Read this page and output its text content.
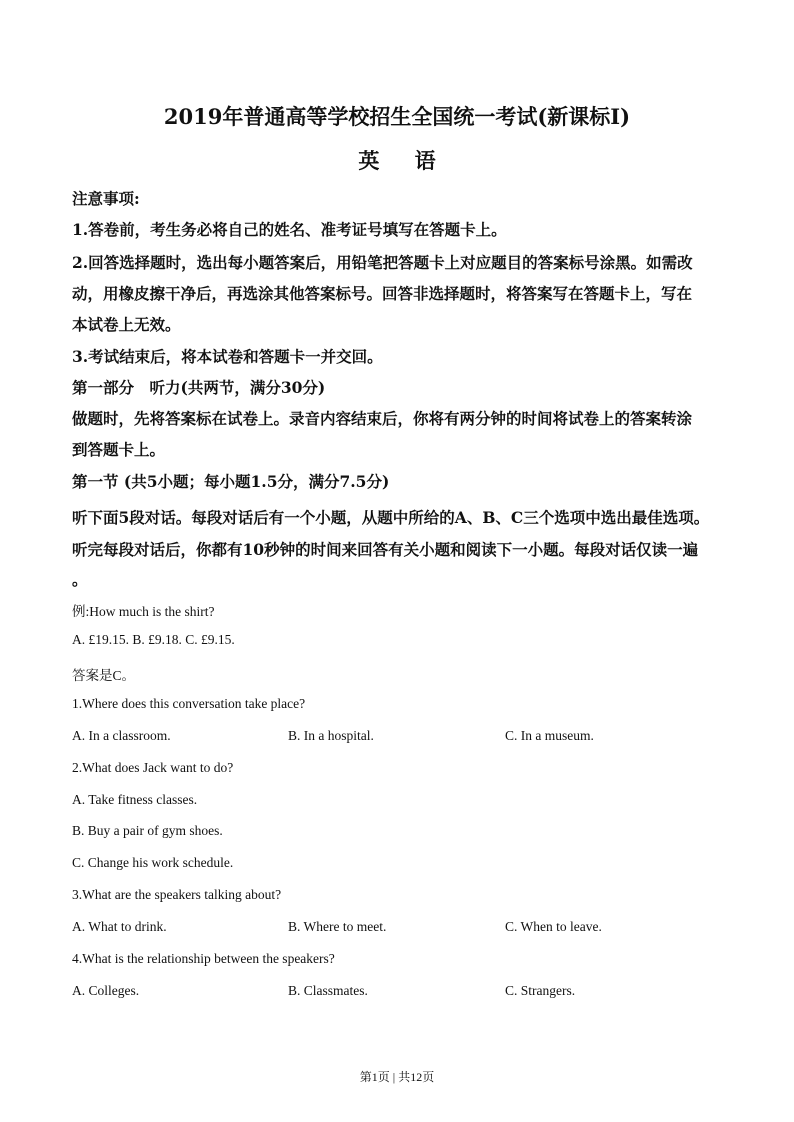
2019年普通高等学校招生全国统一考试(新课标I)
英 语
注意事项:
1.答卷前，考生务必将自己的姓名、准考证号填写在答题卡上。
2.回答选择题时，选出每小题答案后，用铅笔把答题卡上对应题目的答案标号涂黑。如需改
动，用橡皮擦干净后，再选涂其他答案标号。回答非选择题时，将答案写在答题卡上，写在
本试卷上无效。
3.考试结束后，将本试卷和答题卡一并交回。
第一部分　听力(共两节，满分30分)
做题时，先将答案标在试卷上。录音内容结束后，你将有两分钟的时间将试卷上的答案转涂
到答题卡上。
第一节 (共5小题；每小题1.5分，满分7.5分)
听下面5段对话。每段对话后有一个小题，从题中所给的A、B、C三个选项中选出最佳选项。
听完每段对话后，你都有10秒钟的时间来回答有关小题和阅读下一小题。每段对话仅读一遍
。
例:How much is the shirt?
A. £19.15. B. £9.18. C. £9.15.
答案是C。
1.Where does this conversation take place?
A. In a classroom.	B. In a hospital.	C. In a museum.
2.What does Jack want to do?
A. Take fitness classes.
B. Buy a pair of gym shoes.
C. Change his work schedule.
3.What are the speakers talking about?
A. What to drink.	B. Where to meet.	C. When to leave.
4.What is the relationship between the speakers?
A. Colleges.	B. Classmates.	C. Strangers.
第1页 | 共12页
